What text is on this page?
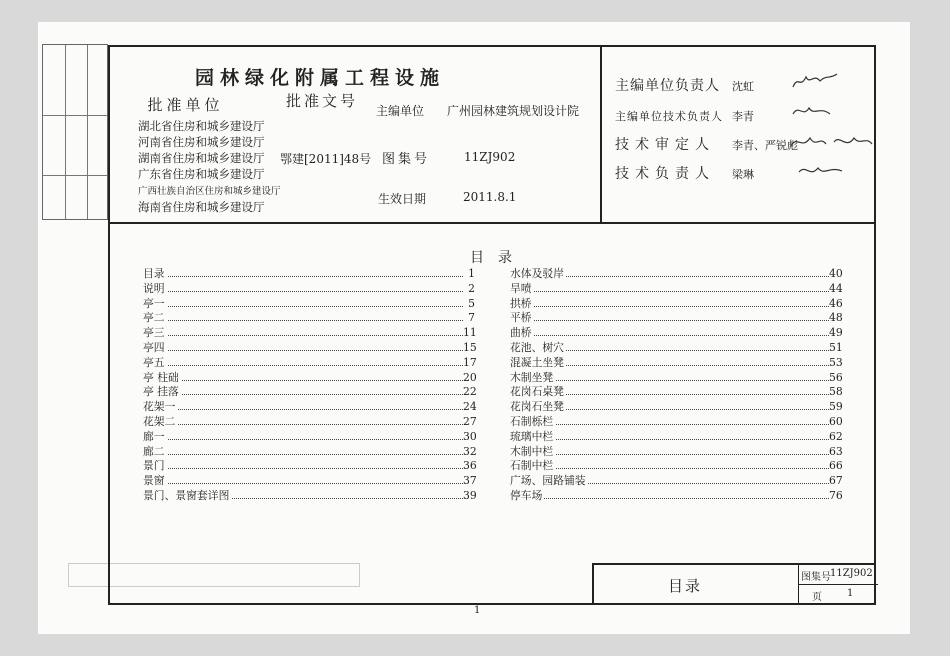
园林绿化附属工程设施
批准单位	批准文号
主编单位 广州园林建筑规划设计院
湖北省住房和城乡建设厅
河南省住房和城乡建设厅
湖南省住房和城乡建设厅
广东省住房和城乡建设厅
广西壮族自治区住房和城乡建设厅
海南省住房和城乡建设厅
鄂建[2011]48号 图集号	11ZJ902
生效日期	2011.8.1
主编单位负责人 沈虹
主编单位技术负责人 李青
技术审定人 李青、严锐彪
技术负责人 梁琳
目录
目录	1
说明	2
亭一	5
亭二	7
亭三	11
亭四	15
亭五	17
亭 柱础	20
亭 挂落	22
花架一	24
花架二	27
廊一	30
廊二	32
景门	36
景窗	37
景门、景窗套详图	39
水体及驳岸	40
旱喷	44
拱桥	46
平桥	48
曲桥	49
花池、树穴	51
混凝土坐凳	53
木制坐凳	56
花岗石桌凳	58
花岗石坐凳	59
石制栎栏	60
琉璃中栏	62
木制中栏	63
石制中栏	66
广场、园路铺装	67
停车场	76
目录	图集号 11ZJ902
页	1
1
